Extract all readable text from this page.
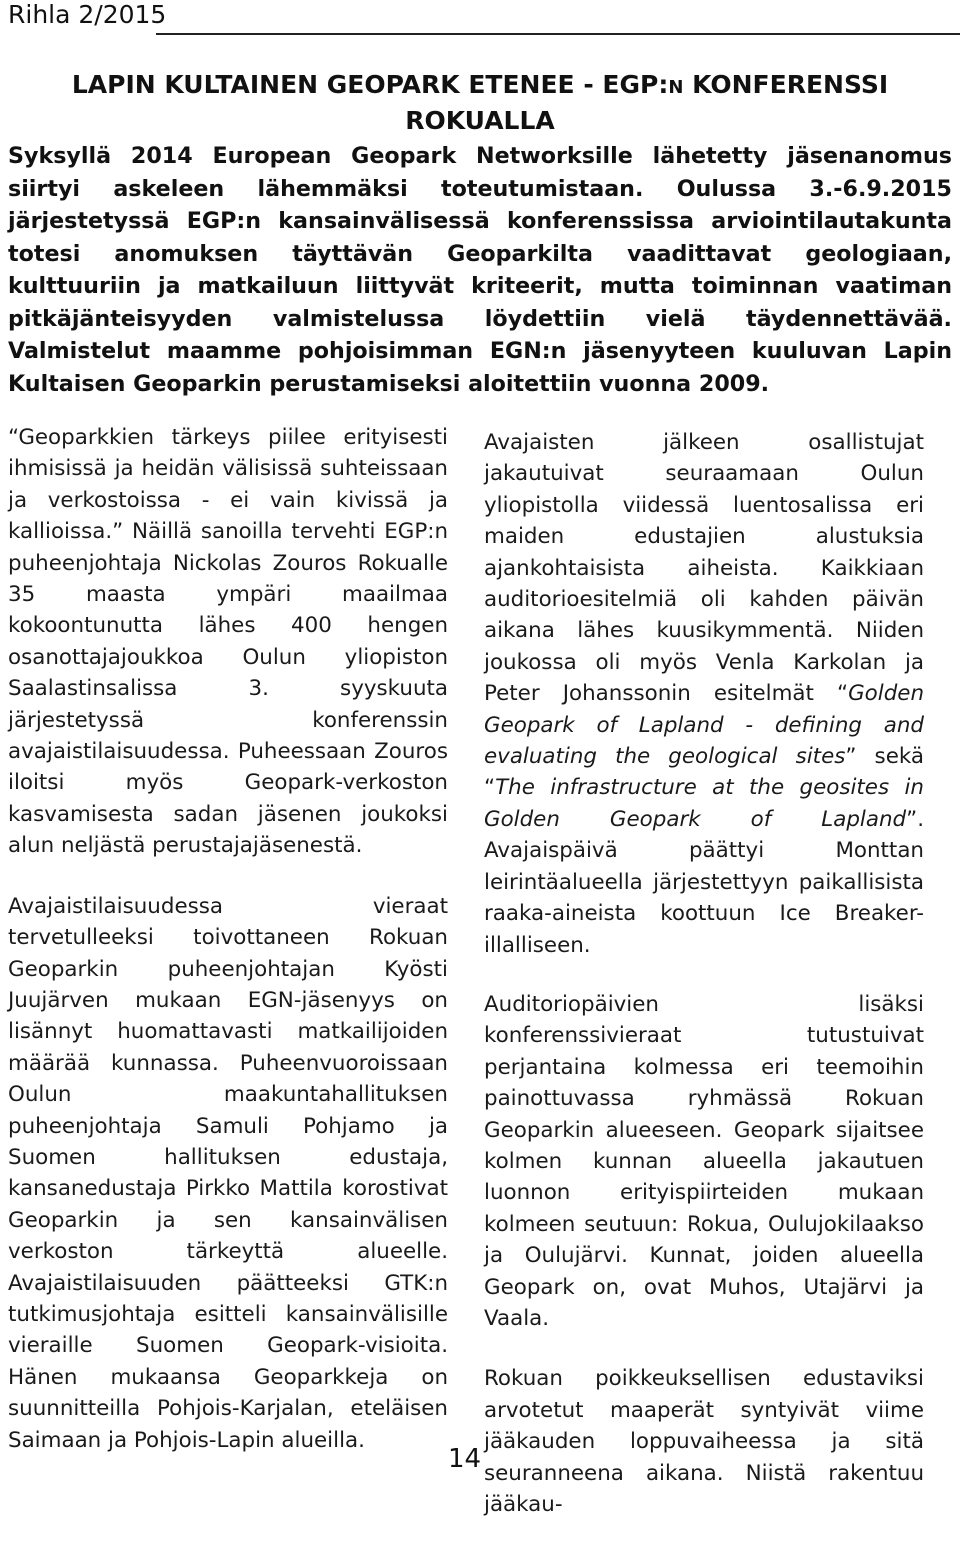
Rihla 2/2015
LAPIN KULTAINEN GEOPARK ETENEE - EGP:N KONFERENSSI ROKUALLA
Syksyllä 2014 European Geopark Networksille lähetetty jäsenanomus siirtyi askeleen lähemmäksi toteutumistaan. Oulussa 3.-6.9.2015 järjestetyssä EGP:n kansainvälisessä konferenssissa arviointilautakunta totesi anomuksen täyttävän Geoparkilta vaadittavat geologiaan, kulttuuriin ja matkailuun liittyvät kriteerit, mutta toiminnan vaatiman pitkäjänteisyyden valmistelussa löydettiin vielä täydennettävää. Valmistelut maamme pohjoisimman EGN:n jäsenyyteen kuuluvan Lapin Kultaisen Geoparkin perustamiseksi aloitettiin vuonna 2009.

“Geoparkkien tärkeys piilee erityisesti ihmisissä ja heidän välisissä suhteissaan ja verkostoissa - ei vain kivissä ja kallioissa.” Näillä sanoilla tervehti EGP:n puheenjohtaja Nickolas Zouros Rokualle 35 maasta ympäri maailmaa kokoontunutta lähes 400 hengen osanottajajoukkoa Oulun yliopiston Saalastinsalissa 3. syyskuuta järjestetyssä konferenssin avajaistilaisuudessa. Puheessaan Zouros iloitsi myös Geopark-verkoston kasvamisesta sadan jäsenen joukoksi alun neljästä perustajajäsenestä.

Avajaistilaisuudessa vieraat tervetulleeksi toivottaneen Rokuan Geoparkin puheenjohtajan Kyösti Juujärven mukaan EGN-jäsenyys on lisännyt huomattavasti matkailijoiden määrää kunnassa. Puheenvuoroissaan Oulun maakuntahallituksen puheenjohtaja Samuli Pohjamo ja Suomen hallituksen edustaja, kansanedustaja Pirkko Mattila korostivat Geoparkin ja sen kansainvälisen verkoston tärkeyttä alueelle. Avajaistilaisuuden päätteeksi GTK:n tutkimusjohtaja esitteli kansainvälisille vieraille Suomen Geopark-visioita. Hänen mukaansa Geoparkkeja on suunnitteilla Pohjois-Karjalan, eteläisen Saimaan ja Pohjois-Lapin alueilla.

Avajaisten jälkeen osallistujat jakautuivat seuraamaan Oulun yliopistolla viidessä luentosalissa eri maiden edustajien alustuksia ajankohtaisista aiheista. Kaikkiaan auditorioesitelmiä oli kahden päivän aikana lähes kuusikymmentä. Niiden joukossa oli myös Venla Karkolan ja Peter Johanssonin esitelmät “Golden Geopark of Lapland - defining and evaluating the geological sites” sekä “The infrastructure at the geosites in Golden Geopark of Lapland”. Avajaispäivä päättyi Monttan leirintäalueella järjestettyyn paikallisista raaka-aineista koottuun Ice Breaker-illalliseen.

Auditoriopäivien lisäksi konferenssivieraat tutustuivat perjantaina kolmessa eri teemoihin painottuvassa ryhmässä Rokuan Geoparkin alueeseen. Geopark sijaitsee kolmen kunnan alueella jakautuen luonnon erityispiirteiden mukaan kolmeen seutuun: Rokua, Oulujokilaakso ja Oulujärvi. Kunnat, joiden alueella Geopark on, ovat Muhos, Utajärvi ja Vaala.

Rokuan poikkeuksellisen edustaviksi arvotetut maaperät syntyivät viime jääkauden loppuvaiheessa ja sitä seuranneena aikana. Niistä rakentuu jääkau-

14
